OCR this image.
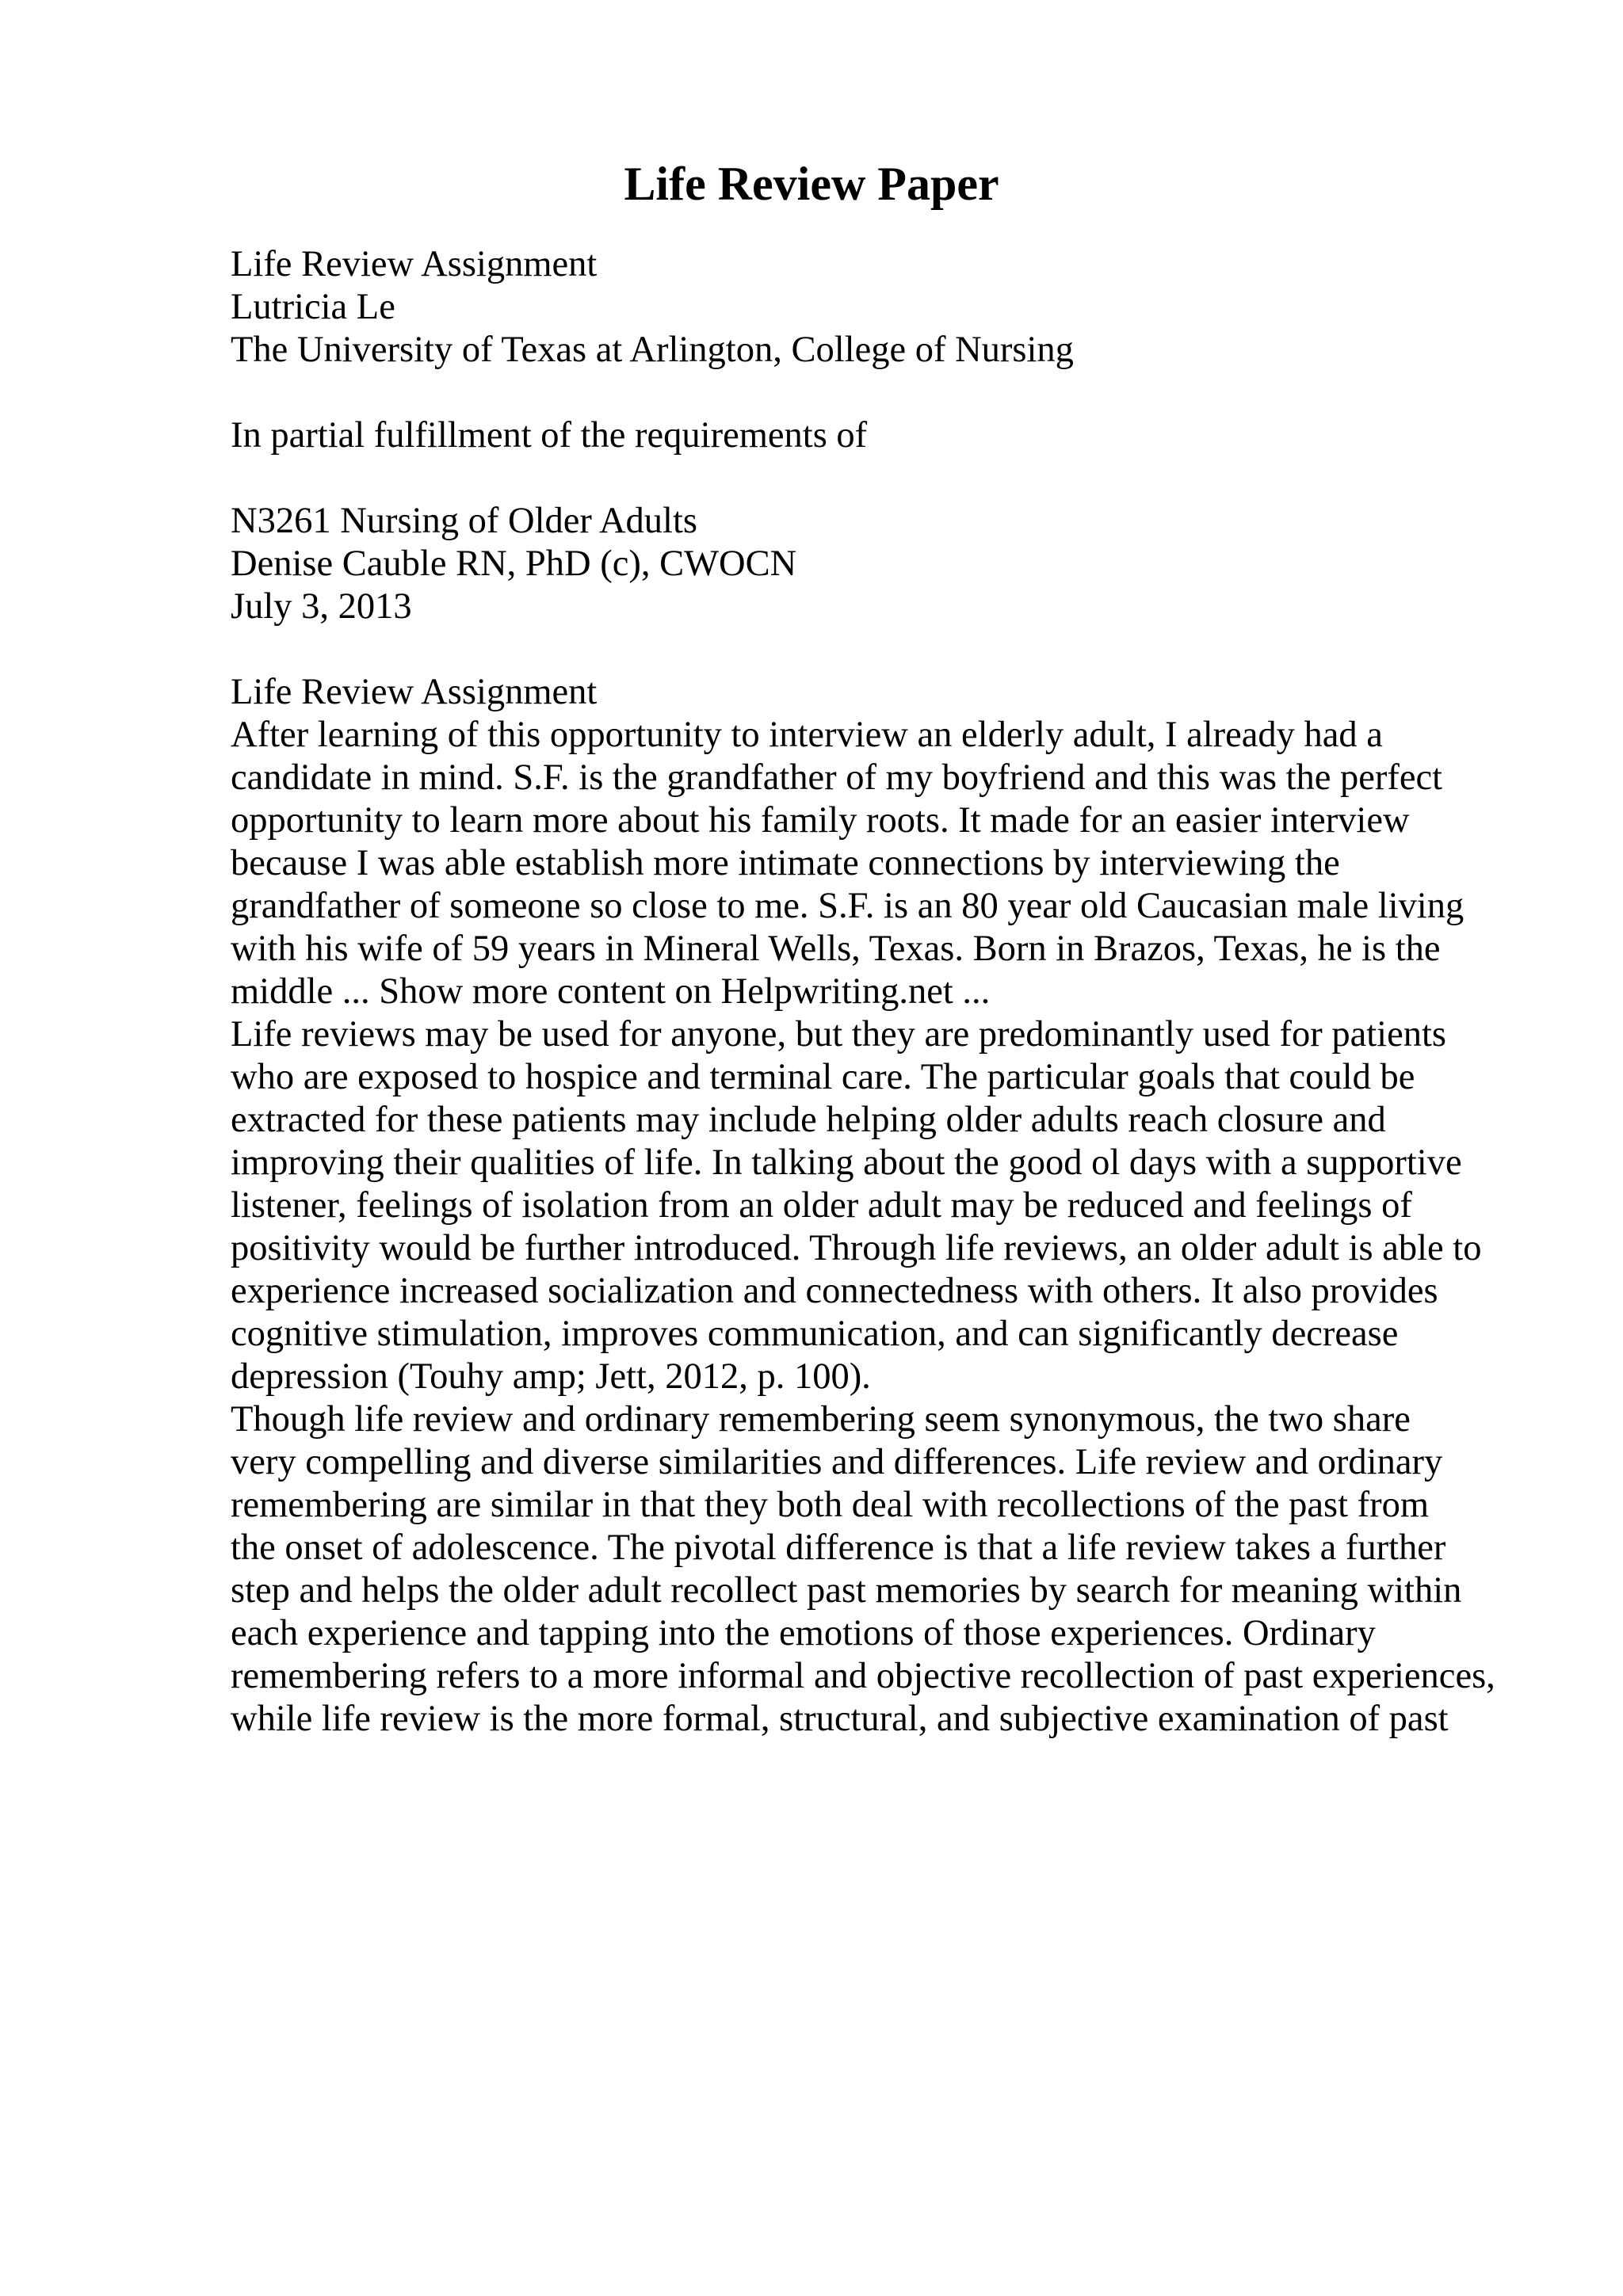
Life Review Paper
Life Review Assignment
Lutricia Le
The University of Texas at Arlington, College of Nursing
In partial fulfillment of the requirements of
N3261 Nursing of Older Adults
Denise Cauble RN, PhD (c), CWOCN
July 3, 2013
Life Review Assignment
After learning of this opportunity to interview an elderly adult, I already had a
candidate in mind. S.F. is the grandfather of my boyfriend and this was the perfect
opportunity to learn more about his family roots. It made for an easier interview
because I was able establish more intimate connections by interviewing the
grandfather of someone so close to me. S.F. is an 80 year old Caucasian male living
with his wife of 59 years in Mineral Wells, Texas. Born in Brazos, Texas, he is the
middle ... Show more content on Helpwriting.net ...
Life reviews may be used for anyone, but they are predominantly used for patients
who are exposed to hospice and terminal care. The particular goals that could be
extracted for these patients may include helping older adults reach closure and
improving their qualities of life. In talking about the good ol days with a supportive
listener, feelings of isolation from an older adult may be reduced and feelings of
positivity would be further introduced. Through life reviews, an older adult is able to
experience increased socialization and connectedness with others. It also provides
cognitive stimulation, improves communication, and can significantly decrease
depression (Touhy amp; Jett, 2012, p. 100).
Though life review and ordinary remembering seem synonymous, the two share
very compelling and diverse similarities and differences. Life review and ordinary
remembering are similar in that they both deal with recollections of the past from
the onset of adolescence. The pivotal difference is that a life review takes a further
step and helps the older adult recollect past memories by search for meaning within
each experience and tapping into the emotions of those experiences. Ordinary
remembering refers to a more informal and objective recollection of past experiences,
while life review is the more formal, structural, and subjective examination of past
